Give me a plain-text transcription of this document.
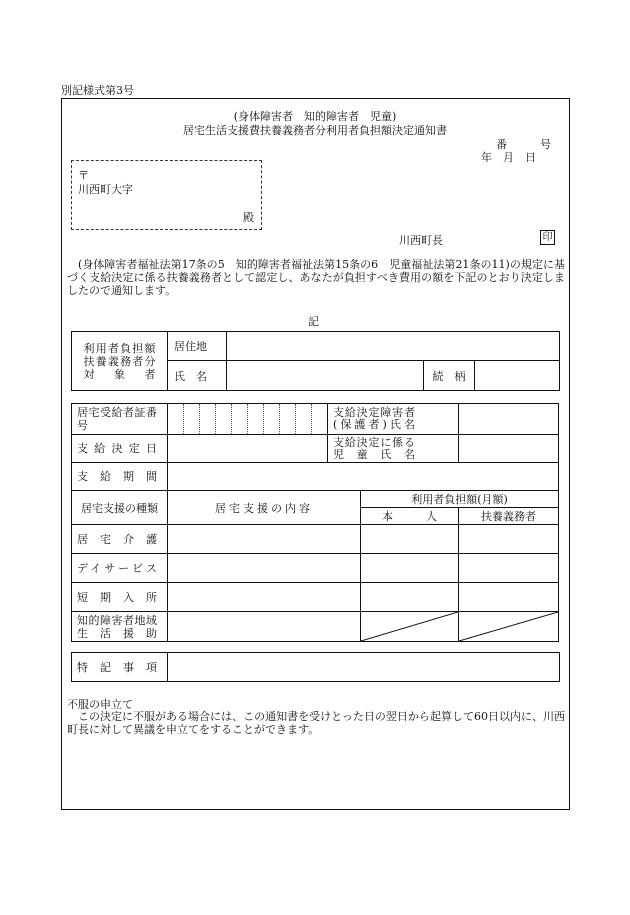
別記様式第3号
(身体障害者　知的障害者　児童)
居宅生活支援費扶養義務者分利用者負担額決定通知書
番　　　号
年　月　日
〒
川西町大字
殿
川西町長	印
(身体障害者福祉法第17条の5　知的障害者福祉法第15条の6　児童福祉法第21条の11)の規定に基づく支給決定に係る扶養義務者として認定し、あなたが負担すべき費用の額を下記のとおり決定しましたので通知します。
記
利用者負担額扶養義務者分対象者	居住地			
	氏　名		続　柄	
居宅受給者証番号											支給決定障害者(保護者)氏名		

支給決定日											支給決定に係る児童氏名		

支給期間													

居宅支援の種類	居宅支援の内容											利用者負担額(月額)	
												本　　　人	扶養義務者

居宅介護													

デイサービス													

短期入所													

知的障害者地域生活援助

特記事項

不服の申立て
この決定に不服がある場合には、この通知書を受けとった日の翌日から起算して60日以内に、川西町長に対して異議を申立てをすることができます。
